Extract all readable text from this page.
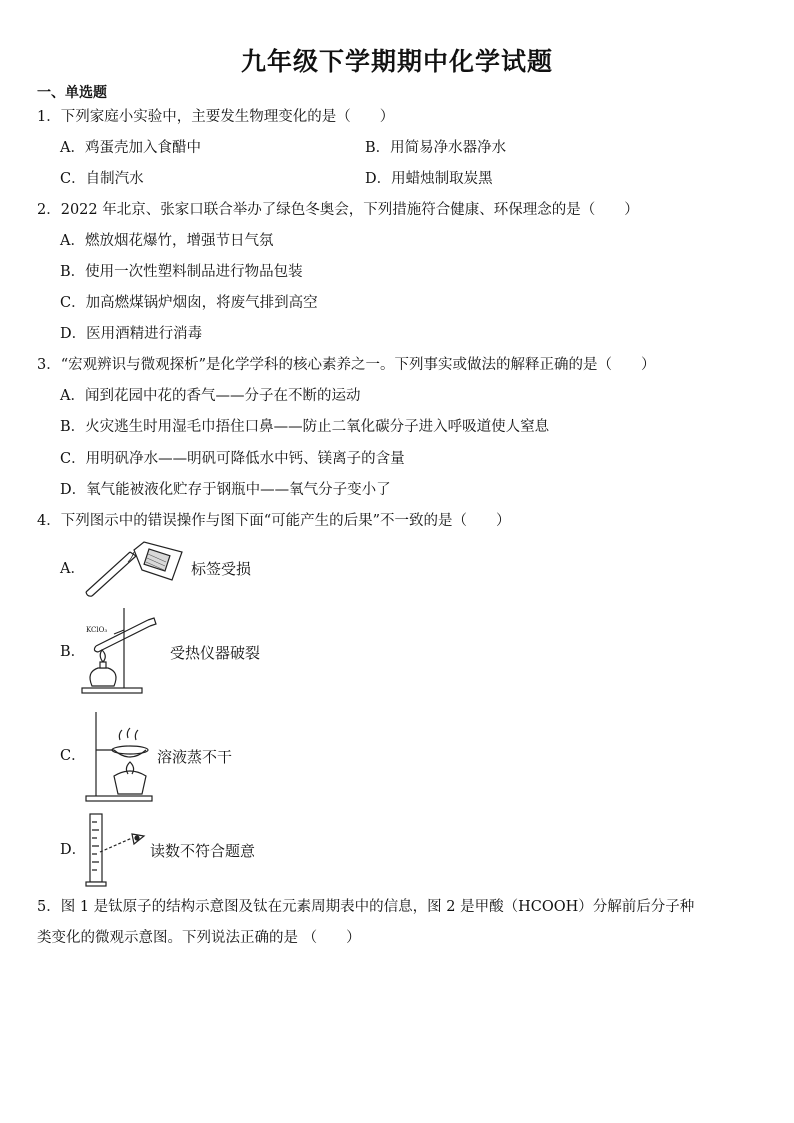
九年级下学期期中化学试题
一、单选题
1．下列家庭小实验中，主要发生物理变化的是（　　）
A．鸡蛋壳加入食醋中	B．用简易净水器净水
C．自制汽水	D．用蜡烛制取炭黑
2．2022 年北京、张家口联合举办了绿色冬奥会，下列措施符合健康、环保理念的是（　　）
A．燃放烟花爆竹，增强节日气氛
B．使用一次性塑料制品进行物品包装
C．加高燃煤锅炉烟囱，将废气排到高空
D．医用酒精进行消毒
3．“宏观辨识与微观探析”是化学学科的核心素养之一。下列事实或做法的解释正确的是（　　）
A．闻到花园中花的香气——分子在不断的运动
B．火灾逃生时用湿毛巾捂住口鼻——防止二氧化碳分子进入呼吸道使人窒息
C．用明矾净水——明矾可降低水中钙、镁离子的含量
D．氧气能被液化贮存于钢瓶中——氧气分子变小了
4．下列图示中的错误操作与图下面“可能产生的后果”不一致的是（　　）
A．	标签受损
B．
KClO₃
受热仪器破裂
C．	溶液蒸不干
D．	读数不符合题意
5．图 1 是钛原子的结构示意图及钛在元素周期表中的信息，图 2 是甲酸（HCOOH）分解前后分子种
类变化的微观示意图。下列说法正确的是 （　　）
